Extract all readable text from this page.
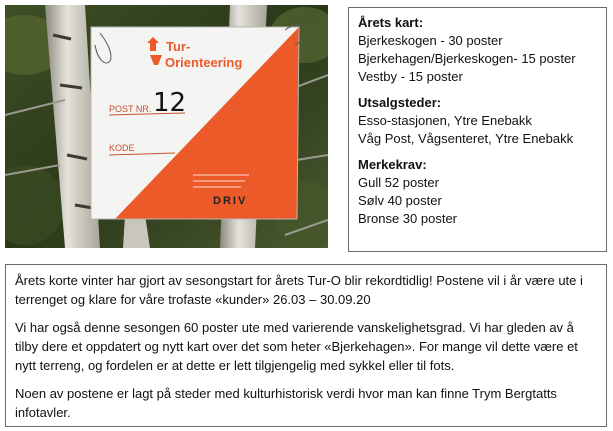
Tur-
Orienteering
POST NR. 12
KODE
DRIV
Årets kart:
Bjerkeskogen - 30 poster
Bjerkehagen/Bjerkeskogen- 15 poster
Vestby - 15 poster
Utsalgsteder:
Esso-stasjonen, Ytre Enebakk
Våg Post, Vågsenteret, Ytre Enebakk
Merkekrav:
Gull 52 poster
Sølv 40 poster
Bronse 30 poster

Årets korte vinter har gjort av sesongstart for årets Tur-O blir rekordtidlig! Postene vil i år være ute i terrenget og klare for våre trofaste «kunder» 26.03 – 30.09.20

Vi har også denne sesongen 60 poster ute med varierende vanskelighetsgrad. Vi har gleden av å tilby dere et oppdatert og nytt kart over det som heter «Bjerkehagen». For mange vil dette være et nytt terreng, og fordelen er at dette er lett tilgjengelig med sykkel eller til fots.

Noen av postene er lagt på steder med kulturhistorisk verdi hvor man kan finne Trym Bergtatts infotavler.
